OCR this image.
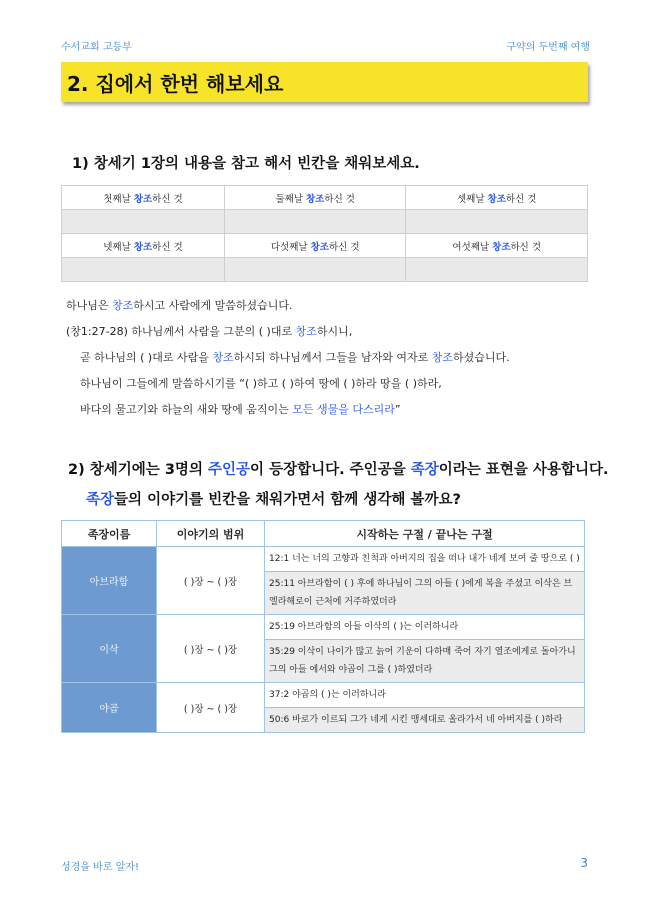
수서교회 고등부	구약의 두번째 여행
2. 집에서 한번 해보세요
1) 창세기 1장의 내용을 참고 해서 빈칸을 채워보세요.
첫째날 창조하신 것	둘째날 창조하신 것	셋째날 창조하신 것

넷째날 창조하신 것	다섯째날 창조하신 것	여섯째날 창조하신 것

하나님은 창조하시고 사람에게 말씀하셨습니다.
(창1:27-28) 하나님께서 사람을 그분의 ( )대로 창조하시니,
곧 하나님의 ( )대로 사람을 창조하시되 하나님께서 그들을 남자와 여자로 창조하셨습니다.
하나님이 그들에게 말씀하시기를 “( )하고 ( )하여 땅에 ( )하라 땅을 ( )하라,
바다의 물고기와 하늘의 새와 땅에 움직이는 모든 생물을 다스리라”
2) 창세기에는 3명의 주인공이 등장합니다. 주인공을 족장이라는 표현을 사용합니다.
족장들의 이야기를 빈칸을 채워가면서 함께 생각해 볼까요?
족장이름	이야기의 범위	시작하는 구절 / 끝나는 구절
아브라함	( )장 ~ ( )장	12:1 너는 너의 고향과 친척과 아버지의 집을 떠나 내가 네게 보여 줄 땅으로 ( )
		25:11 아브라함이 ( ) 후에 하나님이 그의 아들 ( )에게 복을 주셨고 이삭은 브엘라해로이 근처에 거주하였더라
이삭	( )장 ~ ( )장	25:19 아브라함의 아들 이삭의 ( )는 이러하니라
		35:29 이삭이 나이가 많고 늙어 기운이 다하매 죽어 자기 열조에게로 돌아가니 그의 아들 에서와 야곱이 그를 ( )하였더라
야곱	( )장 ~ ( )장	37:2 야곱의 ( )는 이러하니라
		50:6 바로가 이르되 그가 네게 시킨 맹세대로 올라가서 네 아버지를 ( )하라
성경을 바로 알자!	3
